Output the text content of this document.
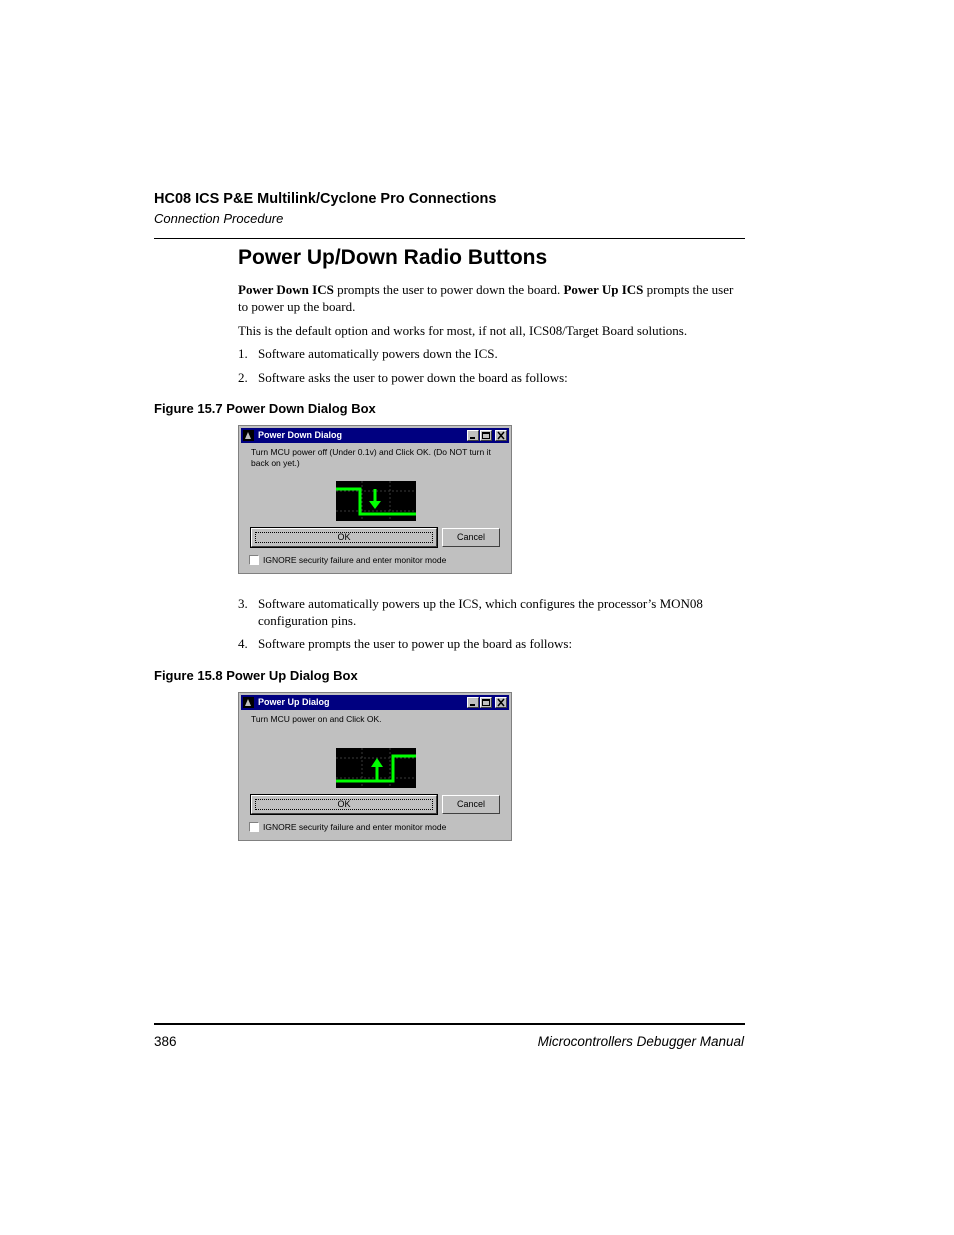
HC08 ICS P&E Multilink/Cyclone Pro Connections
Connection Procedure
Power Up/Down Radio Buttons
Power Down ICS prompts the user to power down the board. Power Up ICS prompts the user to power up the board.
This is the default option and works for most, if not all, ICS08/Target Board solutions.
1. Software automatically powers down the ICS.
2. Software asks the user to power down the board as follows:
Figure 15.7 Power Down Dialog Box
Power Down Dialog
Turn MCU power off (Under 0.1v) and Click OK. (Do NOT turn it back on yet.)
OK	Cancel
IGNORE security failure and enter monitor mode
3. Software automatically powers up the ICS, which configures the processor’s MON08 configuration pins.
4. Software prompts the user to power up the board as follows:
Figure 15.8 Power Up Dialog Box
Power Up Dialog
Turn MCU power on and Click OK.
OK	Cancel
IGNORE security failure and enter monitor mode
386	Microcontrollers Debugger Manual
